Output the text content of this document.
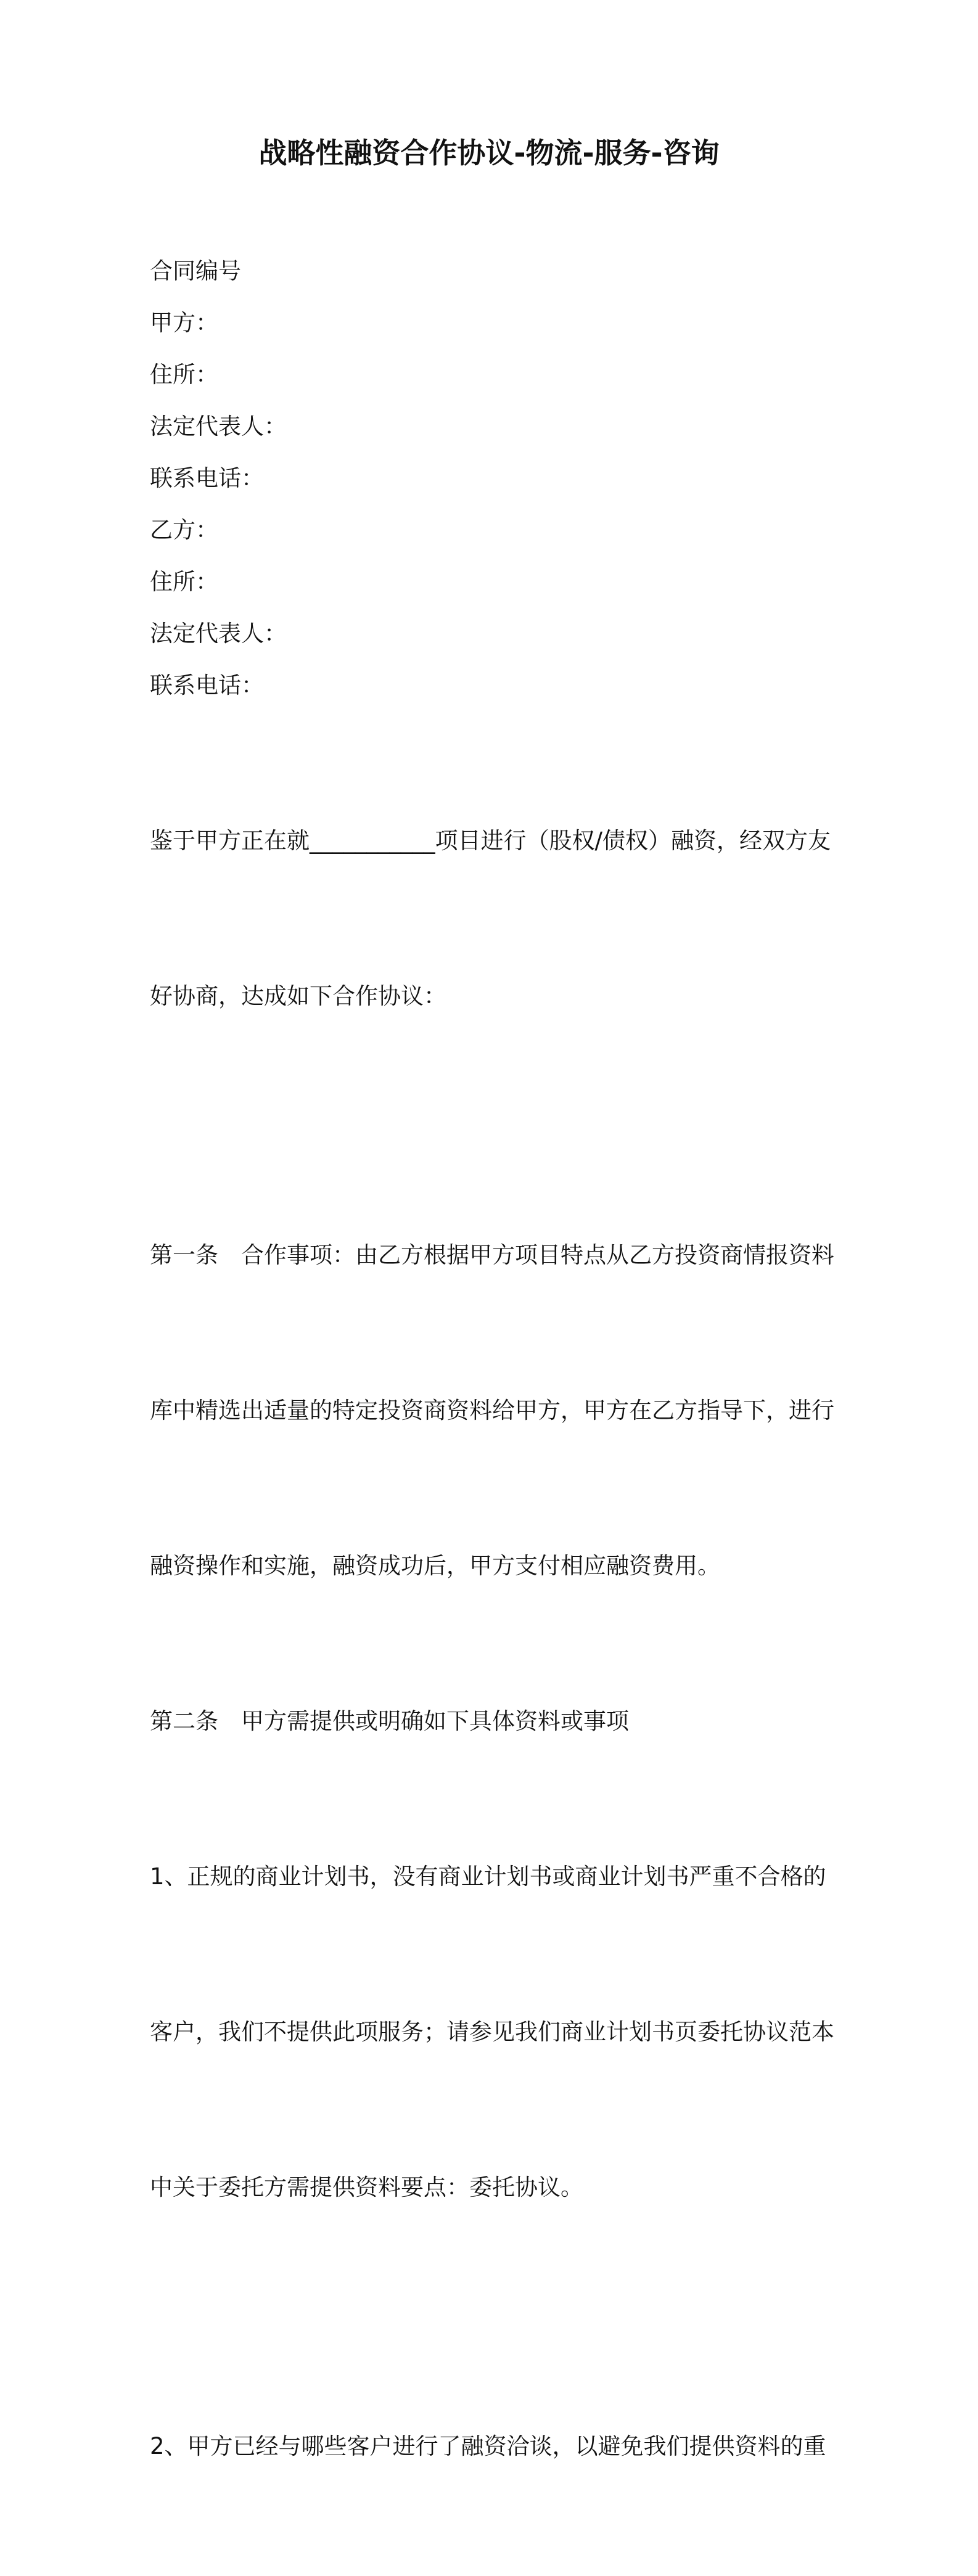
战略性融资合作协议-物流-服务-咨询
合同编号
甲方：
住所：
法定代表人：
联系电话：
乙方：
住所：
法定代表人：
联系电话：

鉴于甲方正在就___________项目进行（股权/债权）融资，经双方友

好协商，达成如下合作协议：

第一条　合作事项：由乙方根据甲方项目特点从乙方投资商情报资料

库中精选出适量的特定投资商资料给甲方，甲方在乙方指导下，进行

融资操作和实施，融资成功后，甲方支付相应融资费用。

第二条　甲方需提供或明确如下具体资料或事项

1、正规的商业计划书，没有商业计划书或商业计划书严重不合格的

客户，我们不提供此项服务；请参见我们商业计划书页委托协议范本

中关于委托方需提供资料要点：委托协议。

2、甲方已经与哪些客户进行了融资洽谈，以避免我们提供资料的重
